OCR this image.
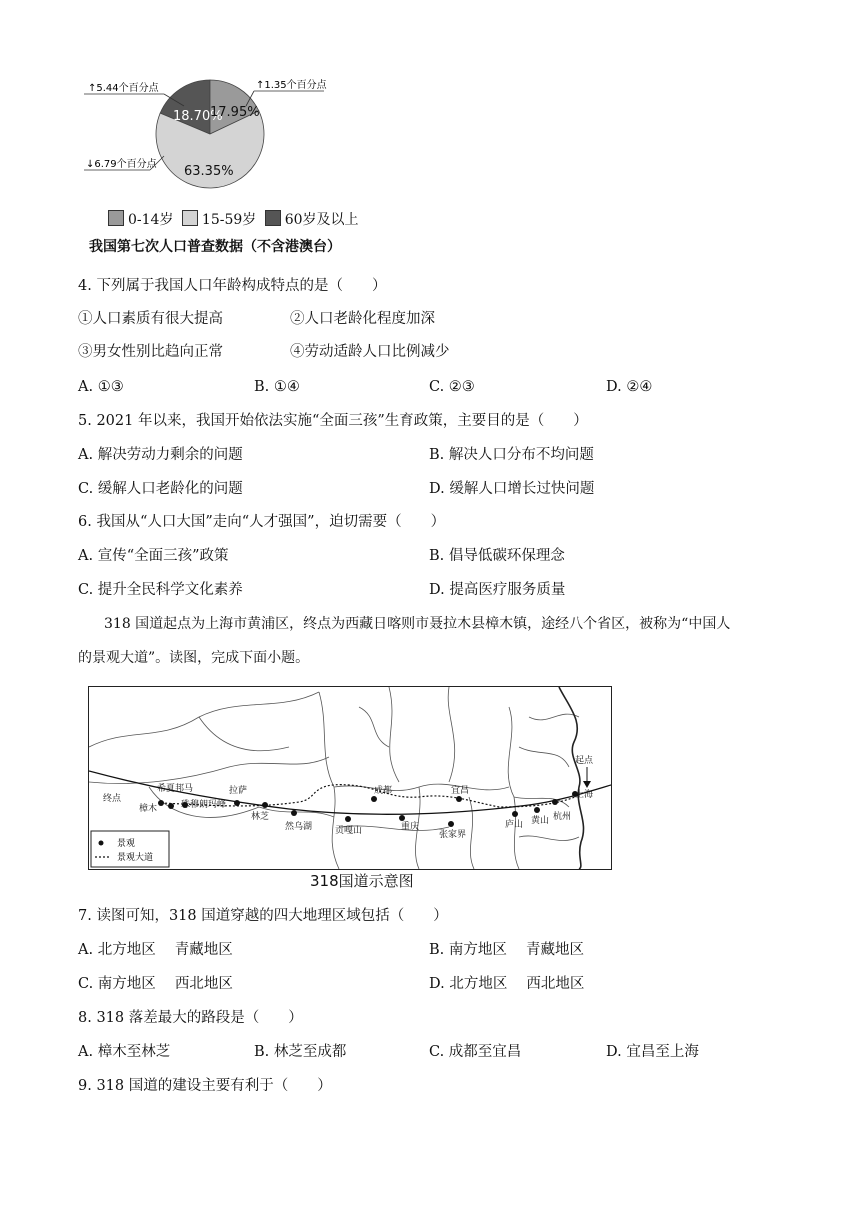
↑5.44个百分点	↑1.35个百分点
↓6.79个百分点
18.70%
17.95%
63.35%
0-14岁 15-59岁 60岁及以上
我国第七次人口普查数据（不含港澳台）
4. 下列属于我国人口年龄构成特点的是（　　）
①人口素质有很大提高	②人口老龄化程度加深
③男女性别比趋向正常	④劳动适龄人口比例减少
A. ①③	B. ①④	C. ②③	D. ②④
5. 2021 年以来，我国开始依法实施“全面三孩”生育政策，主要目的是（　　）
A. 解决劳动力剩余的问题	B. 解决人口分布不均问题
C. 缓解人口老龄化的问题	D. 缓解人口增长过快问题
6. 我国从“人口大国”走向“人才强国”，迫切需要（　　）
A. 宣传“全面三孩”政策	B. 倡导低碳环保理念
C. 提升全民科学文化素养	D. 提高医疗服务质量
318 国道起点为上海市黄浦区，终点为西藏日喀则市聂拉木县樟木镇，途经八个省区，被称为“中国人
的景观大道”。读图，完成下面小题。
希夏邦马
樟木	珠穆朗玛峰
拉萨
林芝
然乌湖	贡嘎山
成都
重庆
宜昌
张家界
庐山 黄山 杭州
上海
起点
终点
景观
景观大道
318国道示意图
7. 读图可知，318 国道穿越的四大地理区域包括（　　）
A. 北方地区　 青藏地区	B. 南方地区　 青藏地区
C. 南方地区　 西北地区	D. 北方地区　 西北地区
8. 318 落差最大的路段是（　　）
A. 樟木至林芝	B. 林芝至成都	C. 成都至宜昌	D. 宜昌至上海
9. 318 国道的建设主要有利于（　　）
